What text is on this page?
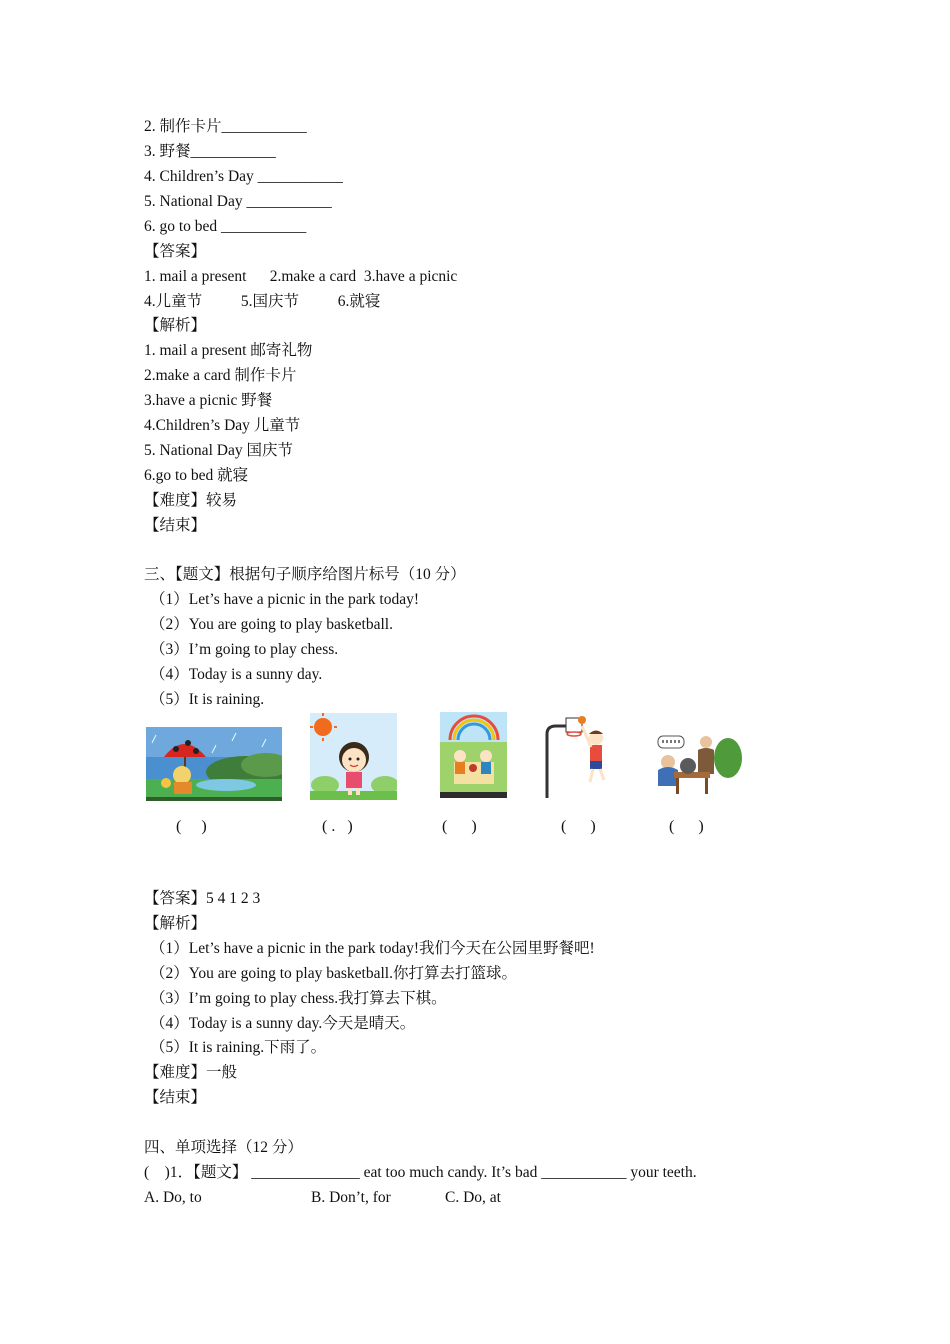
2. 制作卡片___________
3. 野餐___________
4. Children’s Day ___________
5. National Day ___________
6. go to bed ___________
【答案】
1. mail a present      2.make a card  3.have a picnic
4.儿童节          5.国庆节          6.就寝
【解析】
1. mail a present 邮寄礼物
2.make a card 制作卡片
3.have a picnic 野餐
4.Children’s Day 儿童节
5. National Day 国庆节
6.go to bed 就寝
【难度】较易
【结束】
三、【题文】根据句子顺序给图片标号（10 分）
（1）Let’s have a picnic in the park today!
（2）You are going to play basketball.
（3）I’m going to play chess.
（4）Today is a sunny day.
（5）It is raining.
(     )	( .   )	(      )	(      )	(      )
【答案】5 4 1 2 3
【解析】
（1）Let’s have a picnic in the park today!我们今天在公园里野餐吧!
（2）You are going to play basketball.你打算去打篮球。
（3）I’m going to play chess.我打算去下棋。
（4）Today is a sunny day.今天是晴天。
（5）It is raining.下雨了。
【难度】一般
【结束】
四、单项选择（12 分）
(    )1．【题文】 ______________ eat too much candy. It’s bad ___________ your teeth.
A. Do, to	B. Don’t, for	C. Do, at
